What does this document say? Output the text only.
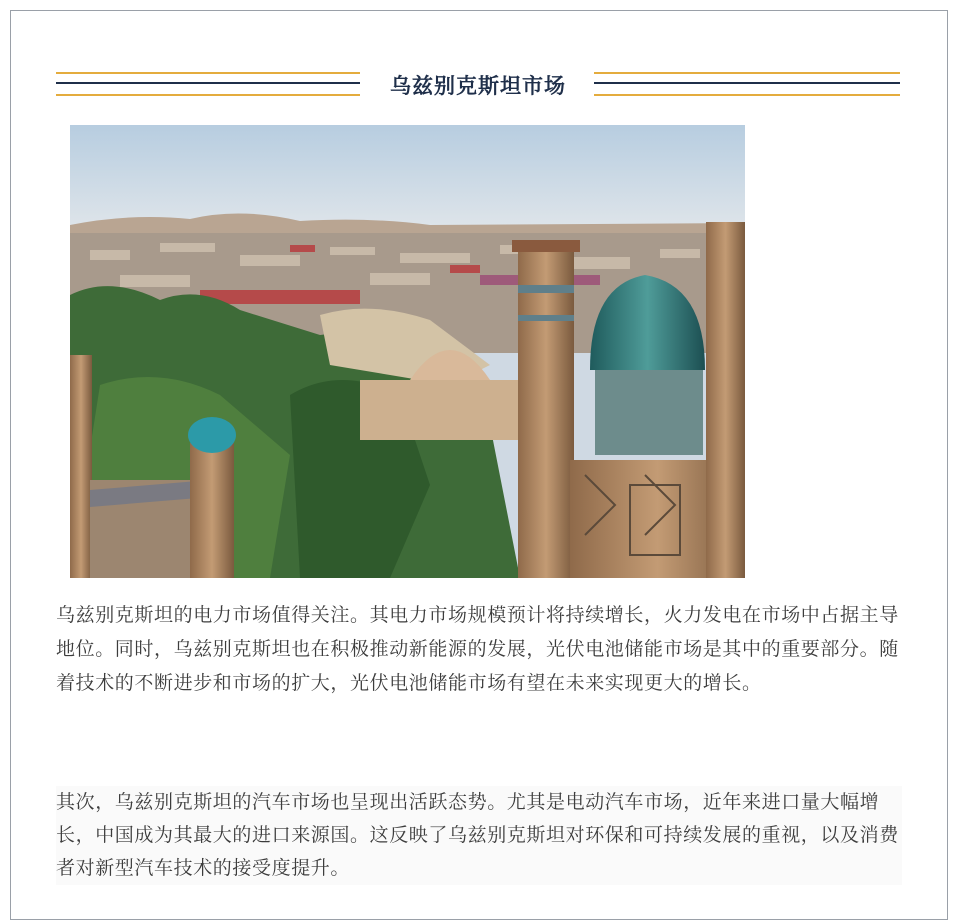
乌兹别克斯坦市场
乌兹别克斯坦的电力市场值得关注。其电力市场规模预计将持续增长，火力发电在市场中占据主导地位。同时，乌兹别克斯坦也在积极推动新能源的发展，光伏电池储能市场是其中的重要部分。随着技术的不断进步和市场的扩大，光伏电池储能市场有望在未来实现更大的增长。
其次，乌兹别克斯坦的汽车市场也呈现出活跃态势。尤其是电动汽车市场，近年来进口量大幅增长，中国成为其最大的进口来源国。这反映了乌兹别克斯坦对环保和可持续发展的重视，以及消费者对新型汽车技术的接受度提升。
